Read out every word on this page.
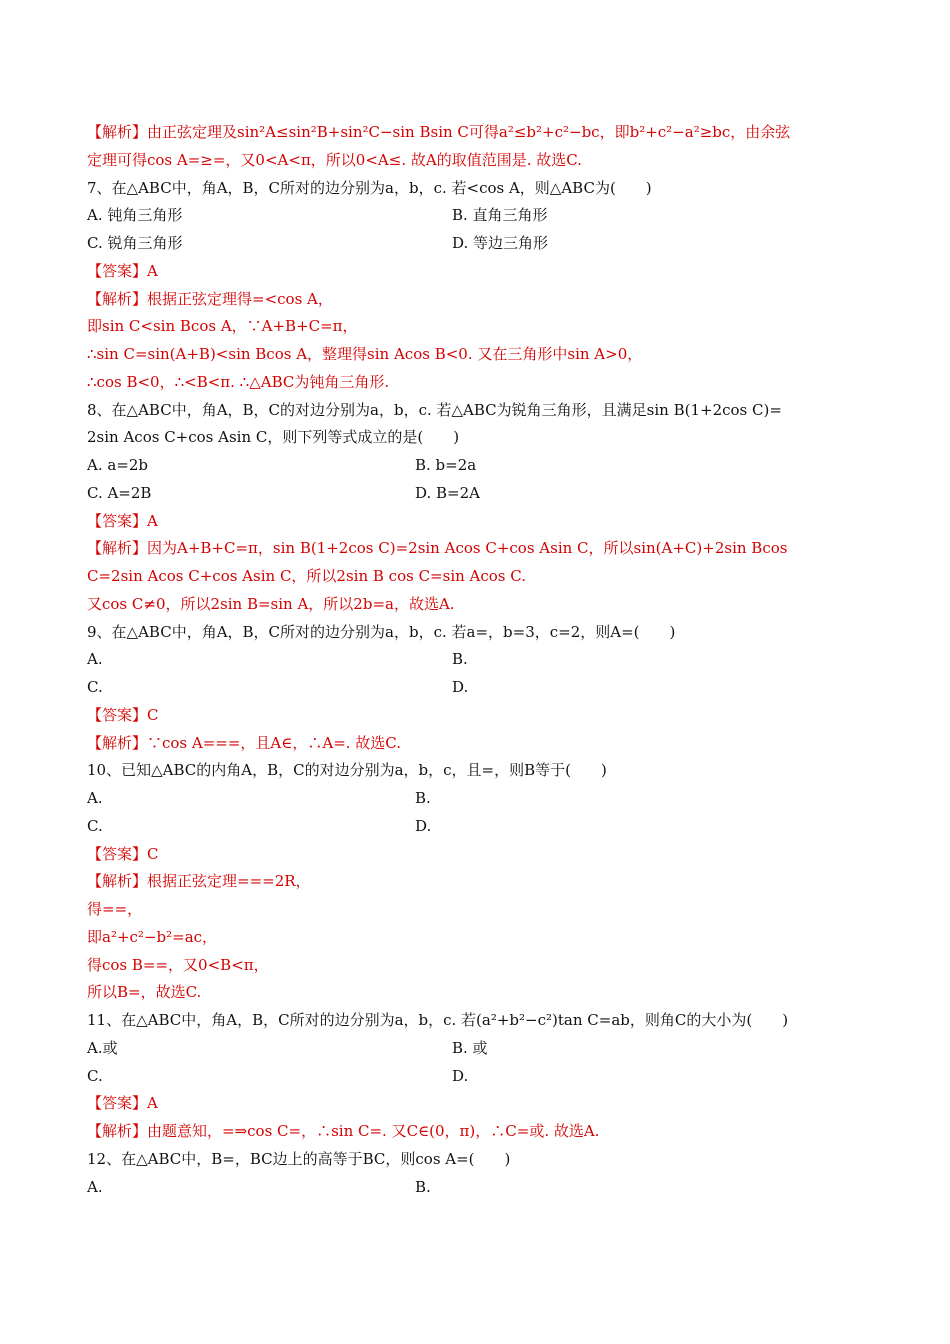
【解析】由正弦定理及sin²A≤sin²B+sin²C−sin Bsin C可得a²≤b²+c²−bc，即b²+c²−a²≥bc，由余弦
定理可得cos A=≥=，又0<A<π，所以0<A≤. 故A的取值范围是. 故选C.
7、在△ABC中，角A，B，C所对的边分别为a，b，c. 若<cos A，则△ABC为(　　)
A. 钝角三角形	B. 直角三角形
C. 锐角三角形	D. 等边三角形
【答案】A
【解析】根据正弦定理得=<cos A，
即sin C<sin Bcos A，∵A+B+C=π，
∴sin C=sin(A+B)<sin Bcos A，整理得sin Acos B<0. 又在三角形中sin A>0，
∴cos B<0，∴<B<π. ∴△ABC为钝角三角形.
8、在△ABC中，角A，B，C的对边分别为a，b，c. 若△ABC为锐角三角形，且满足sin B(1+2cos C)=
2sin Acos C+cos Asin C，则下列等式成立的是(　　)
A. a=2b	B. b=2a
C. A=2B	D. B=2A
【答案】A
【解析】因为A+B+C=π，sin B(1+2cos C)=2sin Acos C+cos Asin C，所以sin(A+C)+2sin Bcos
C=2sin Acos C+cos Asin C，所以2sin B cos C=sin Acos C.
又cos C≠0，所以2sin B=sin A，所以2b=a，故选A.
9、在△ABC中，角A，B，C所对的边分别为a，b，c. 若a=，b=3，c=2，则A=(　　)
A.	B.
C.	D.
【答案】C
【解析】∵cos A===，且A∈，∴A=. 故选C.
10、已知△ABC的内角A，B，C的对边分别为a，b，c，且=，则B等于(　　)
A.	B.
C.	D.
【答案】C
【解析】根据正弦定理===2R，
得==，
即a²+c²−b²=ac，
得cos B==，又0<B<π，
所以B=，故选C.
11、在△ABC中，角A，B，C所对的边分别为a，b，c. 若(a²+b²−c²)tan C=ab，则角C的大小为(　　)
A.或	B. 或
C.	D.
【答案】A
【解析】由题意知，=⇒cos C=，∴sin C=. 又C∈(0，π)，∴C=或. 故选A.
12、在△ABC中，B=，BC边上的高等于BC，则cos A=(　　)
A.	B.
